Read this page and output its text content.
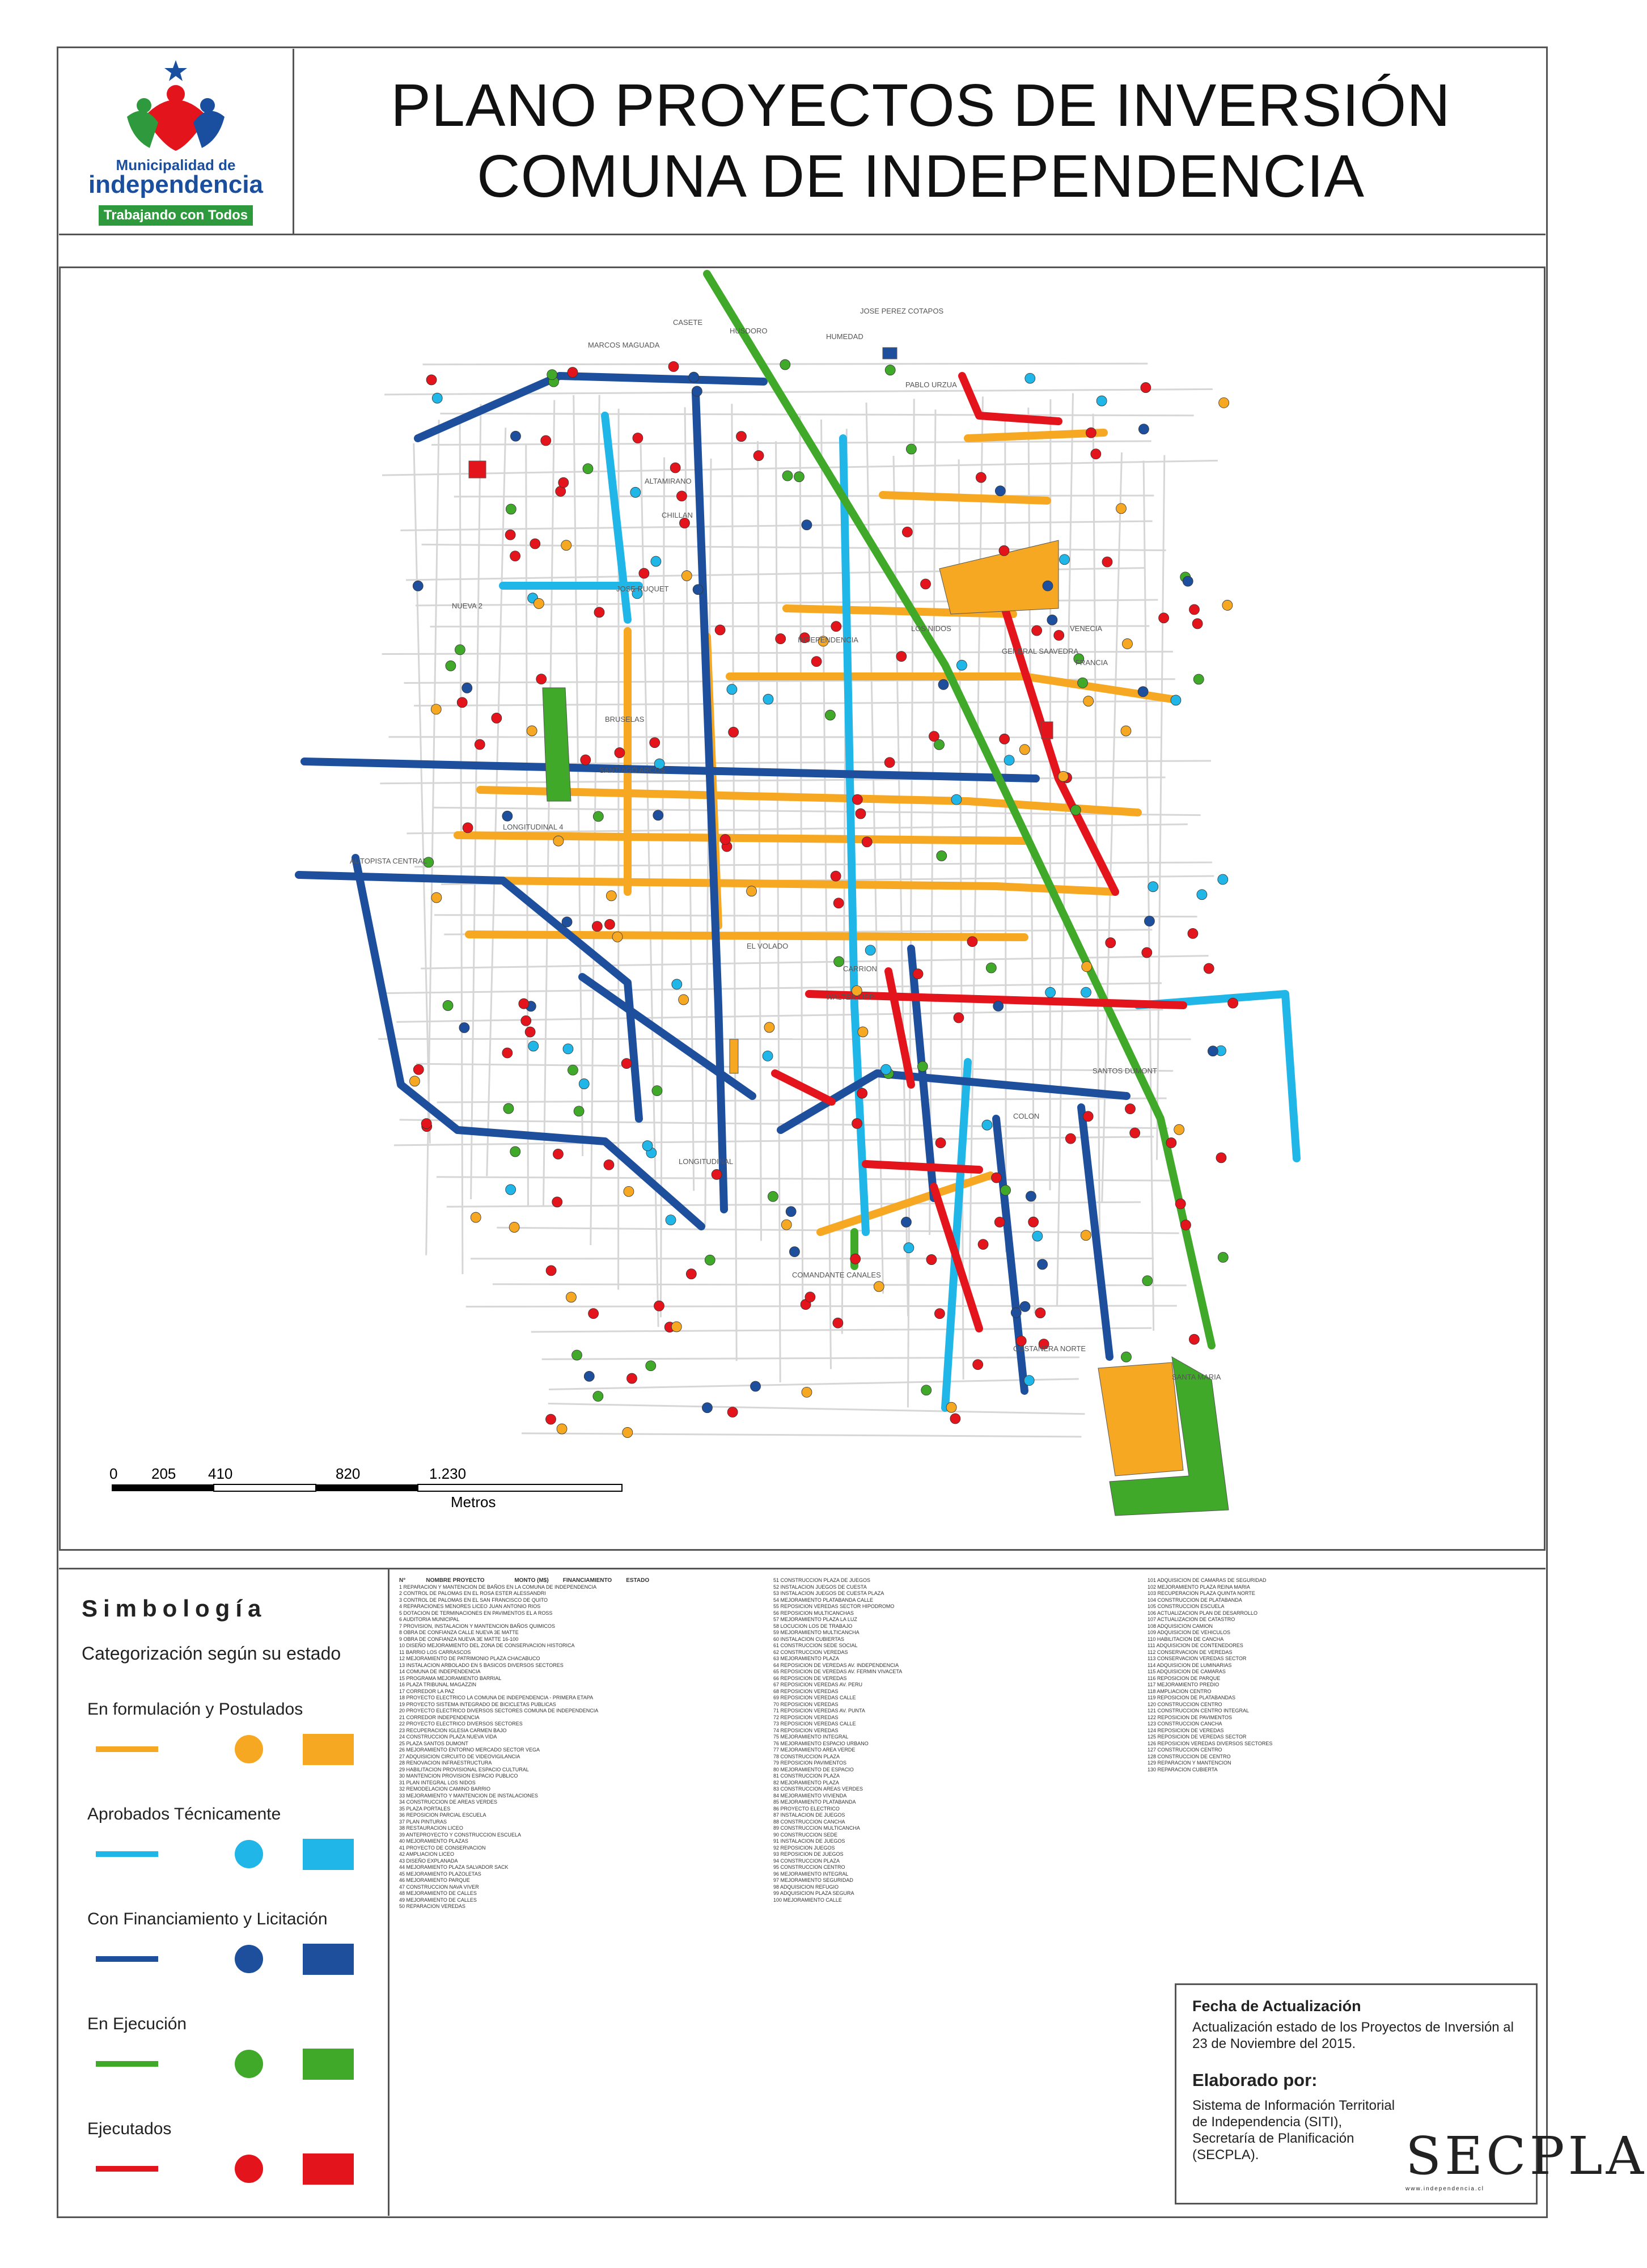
Municipalidad de
independencia
Trabajando con Todos
PLANO PROYECTOS DE INVERSIÓN
COMUNA DE INDEPENDENCIA
JOSE PEREZ COTAPOS
HUSDORO
MARCOS MAGUADA
CASETE
HUMEDAD
PABLO URZUA
ALTAMIRANO
CHILLAN
JOSE RUQUET
NUEVA 2
BRUSELAS
SANTIAGO ARCOS
LONGITUDINAL 4
AUTOPISTA CENTRAL
EL VOLADO
CARRION
WALTER LIPPI
SANTOS DUMONT
COLON
LONGITUDINAL
COMANDANTE CANALES
COSTANERA NORTE
SANTA MARIA
GENERAL SAAVEDRA
VENECIA
LOS NIDOS
FRANCIA
INDEPENDENCIA
0 205 410	820	1.230
Metros
Simbología
Categorización según su estado
En formulación y Postulados
Aprobados Técnicamente
Con Financiamiento y Licitación
En Ejecución
Ejecutados
N°	NOMBRE PROYECTO	MONTO (M$)	FINANCIAMIENTO	ESTADO
1 REPARACION Y MANTENCION DE BAÑOS EN LA COMUNA DE INDEPENDENCIA
2 CONTROL DE PALOMAS EN EL ROSA ESTER ALESSANDRI
3 CONTROL DE PALOMAS EN EL SAN FRANCISCO DE QUITO
4 REPARACIONES MENORES LICEO JUAN ANTONIO RIOS
5 DOTACION DE TERMINACIONES EN PAVIMENTOS EL A ROSS
6 AUDITORIA MUNICIPAL
7 PROVISION, INSTALACION Y MANTENCION BAÑOS QUIMICOS
8 OBRA DE CONFIANZA CALLE NUEVA 3E MATTE
9 OBRA DE CONFIANZA NUEVA 3E MATTE 16-100
10 DISEÑO MEJORAMIENTO DEL ZONA DE CONSERVACION HISTORICA
11 BARRIO LOS CARRASCOS
12 MEJORAMIENTO DE PATRIMONIO PLAZA CHACABUCO
13 INSTALACION ARBOLADO EN 5 BASICOS DIVERSOS SECTORES
14 COMUNA DE INDEPENDENCIA
15 PROGRAMA MEJORAMIENTO BARRIAL
16 PLAZA TRIBUNAL MAGAZZIN
17 CORREDOR LA PAZ
18 PROYECTO ELECTRICO LA COMUNA DE INDEPENDENCIA - PRIMERA ETAPA
19 PROYECTO SISTEMA INTEGRADO DE BICICLETAS PUBLICAS
20 PROYECTO ELECTRICO DIVERSOS SECTORES COMUNA DE INDEPENDENCIA
21 CORREDOR INDEPENDENCIA
22 PROYECTO ELECTRICO DIVERSOS SECTORES
23 RECUPERACION IGLESIA CARMEN BAJO
24 CONSTRUCCION PLAZA NUEVA VIDA
25 PLAZA SANTOS DUMONT
26 MEJORAMIENTO ENTORNO MERCADO SECTOR VEGA
27 ADQUISICION CIRCUITO DE VIDEOVIGILANCIA
28 RENOVACION INFRAESTRUCTURA
29 HABILITACION PROVISIONAL ESPACIO CULTURAL
30 MANTENCION PROVISION ESPACIO PUBLICO
31 PLAN INTEGRAL LOS NIDOS
32 REMODELACION CAMINO BARRIO
33 MEJORAMIENTO Y MANTENCION DE INSTALACIONES
34 CONSTRUCCION DE AREAS VERDES
35 PLAZA PORTALES
36 REPOSICION PARCIAL ESCUELA
37 PLAN PINTURAS
38 RESTAURACION LICEO
39 ANTEPROYECTO Y CONSTRUCCION ESCUELA
40 MEJORAMIENTO PLAZAS
41 PROYECTO DE CONSERVACION
42 AMPLIACION LICEO
43 DISEÑO EXPLANADA
44 MEJORAMIENTO PLAZA SALVADOR SACK
45 MEJORAMIENTO PLAZOLETAS
46 MEJORAMIENTO PARQUE
47 CONSTRUCCION NAVA VIVER
48 MEJORAMIENTO DE CALLES
49 MEJORAMIENTO DE CALLES
50 REPARACION VEREDAS
51 CONSTRUCCION PLAZA DE JUEGOS
52 INSTALACION JUEGOS DE CUESTA
53 INSTALACION JUEGOS DE CUESTA PLAZA
54 MEJORAMIENTO PLATABANDA CALLE
55 REPOSICION VEREDAS SECTOR HIPODROMO
56 REPOSICION MULTICANCHAS
57 MEJORAMIENTO PLAZA LA LUZ
58 LOCUCION LOS DE TRABAJO
59 MEJORAMIENTO MULTICANCHA
60 INSTALACION CUBIERTAS
61 CONSTRUCCION SEDE SOCIAL
62 CONSTRUCCION VEREDAS
63 MEJORAMIENTO PLAZA
64 REPOSICION DE VEREDAS AV. INDEPENDENCIA
65 REPOSICION DE VEREDAS AV. FERMIN VIVACETA
66 REPOSICION DE VEREDAS
67 REPOSICION VEREDAS AV. PERU
68 REPOSICION VEREDAS
69 REPOSICION VEREDAS CALLE
70 REPOSICION VEREDAS
71 REPOSICION VEREDAS AV. PUNTA
72 REPOSICION VEREDAS
73 REPOSICION VEREDAS CALLE
74 REPOSICION VEREDAS
75 MEJORAMIENTO INTEGRAL
76 MEJORAMIENTO ESPACIO URBANO
77 MEJORAMIENTO AREA VERDE
78 CONSTRUCCION PLAZA
79 REPOSICION PAVIMENTOS
80 MEJORAMIENTO DE ESPACIO
81 CONSTRUCCION PLAZA
82 MEJORAMIENTO PLAZA
83 CONSTRUCCION AREAS VERDES
84 MEJORAMIENTO VIVIENDA
85 MEJORAMIENTO PLATABANDA
86 PROYECTO ELECTRICO
87 INSTALACION DE JUEGOS
88 CONSTRUCCION CANCHA
89 CONSTRUCCION MULTICANCHA
90 CONSTRUCCION SEDE
91 INSTALACION DE JUEGOS
92 REPOSICION JUEGOS
93 REPOSICION DE JUEGOS
94 CONSTRUCCION PLAZA
95 CONSTRUCCION CENTRO
96 MEJORAMIENTO INTEGRAL
97 MEJORAMIENTO SEGURIDAD
98 ADQUISICION REFUGIO
99 ADQUISICION PLAZA SEGURA
100 MEJORAMIENTO CALLE
101 ADQUISICION DE CAMARAS DE SEGURIDAD
102 MEJORAMIENTO PLAZA REINA MARIA
103 RECUPERACION PLAZA QUINTA NORTE
104 CONSTRUCCION DE PLATABANDA
105 CONSTRUCCION ESCUELA
106 ACTUALIZACION PLAN DE DESARROLLO
107 ACTUALIZACION DE CATASTRO
108 ADQUISICION CAMION
109 ADQUISICION DE VEHICULOS
110 HABILITACION DE CANCHA
111 ADQUISICION DE CONTENEDORES
112 CONSERVACION DE VEREDAS
113 CONSERVACION VEREDAS SECTOR
114 ADQUISICION DE LUMINARIAS
115 ADQUISICION DE CAMARAS
116 REPOSICION DE PARQUE
117 MEJORAMIENTO PREDIO
118 AMPLIACION CENTRO
119 REPOSICION DE PLATABANDAS
120 CONSTRUCCION CENTRO
121 CONSTRUCCION CENTRO INTEGRAL
122 REPOSICION DE PAVIMENTOS
123 CONSTRUCCION CANCHA
124 REPOSICION DE VEREDAS
125 REPOSICION DE VEREDAS SECTOR
126 REPOSICION VEREDAS DIVERSOS SECTORES
127 CONSTRUCCION CENTRO
128 CONSTRUCCION DE CENTRO
129 REPARACION Y MANTENCION
130 REPARACION CUBIERTA
Fecha de Actualización
Actualización estado de los Proyectos de Inversión al 23 de Noviembre del 2015.
Elaborado por:
Sistema de Información Territorial de Independencia (SITI), Secretaría de Planificación (SECPLA).	SECPLA
www.independencia.cl
